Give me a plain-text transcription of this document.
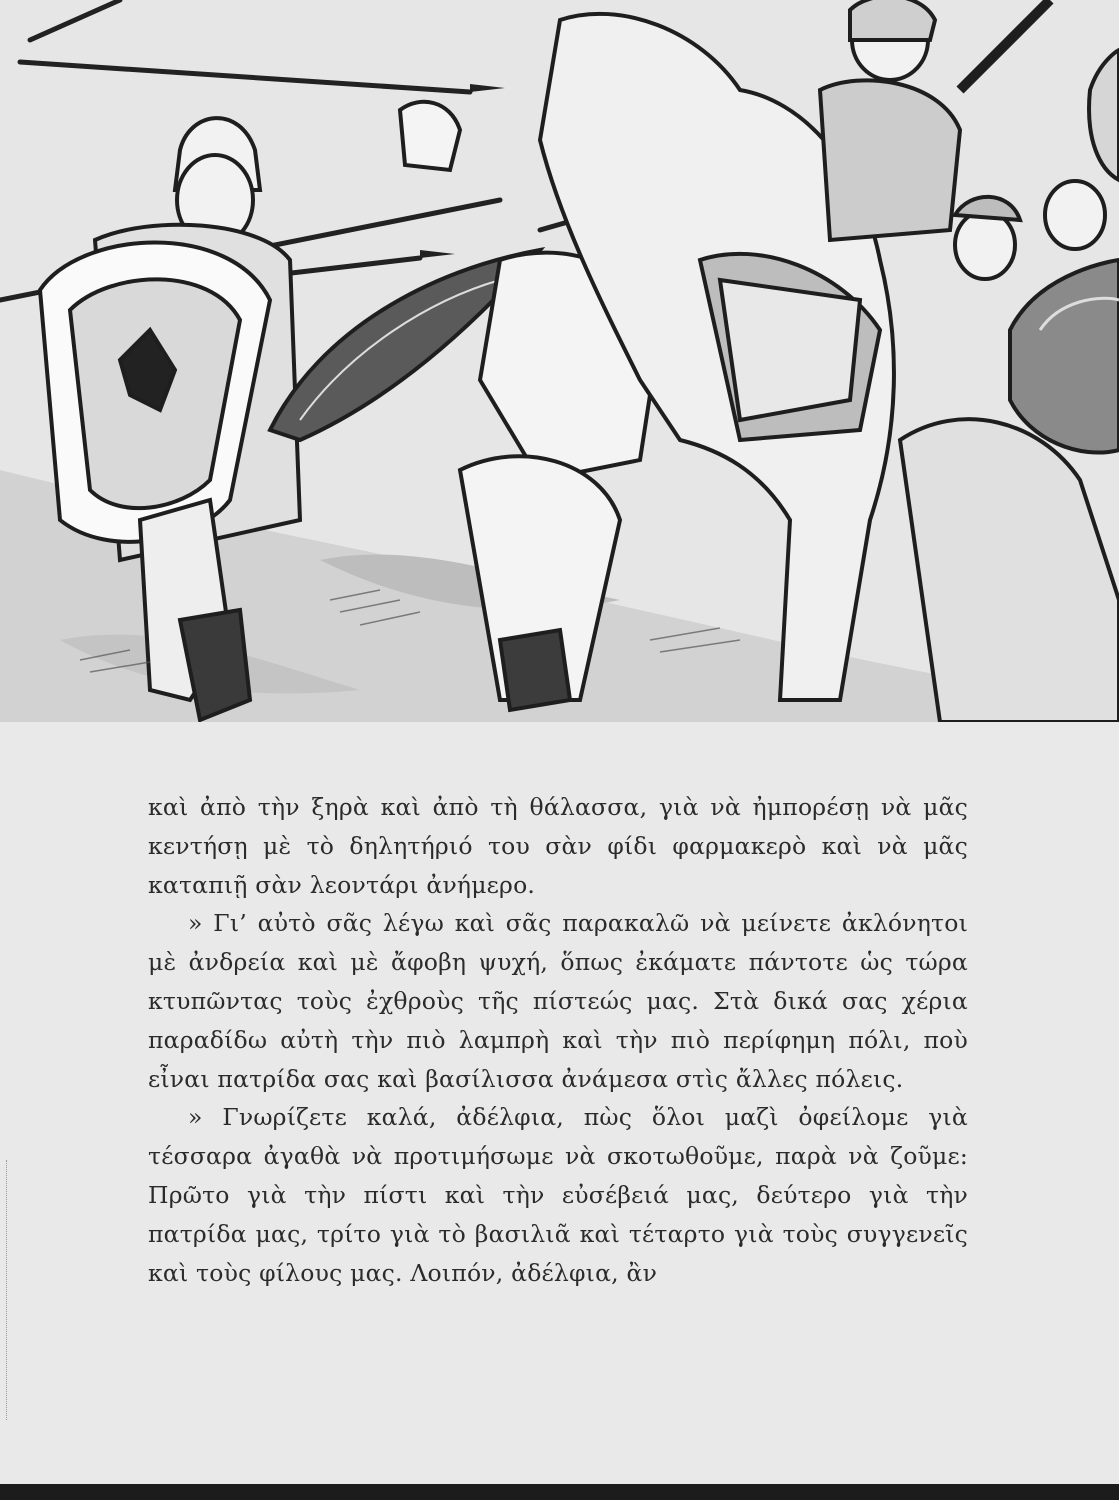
καὶ ἀπὸ τὴν ξηρὰ καὶ ἀπὸ τὴ θάλασσα, γιὰ νὰ ἠμπορέσῃ νὰ μᾶς κεντήσῃ μὲ τὸ δηλητήριό του σὰν φίδι φαρμακερὸ καὶ νὰ μᾶς καταπιῇ σὰν λεοντάρι ἀνήμερο.

» Γι’ αὐτὸ σᾶς λέγω καὶ σᾶς παρακαλῶ νὰ μείνετε ἀκλόνητοι μὲ ἀνδρεία καὶ μὲ ἄφοβη ψυχή, ὅπως ἐκάματε πάντοτε ὡς τώρα κτυπῶντας τοὺς ἐχθροὺς τῆς πίστεώς μας. Στὰ δικά σας χέρια παραδίδω αὐτὴ τὴν πιὸ λαμπρὴ καὶ τὴν πιὸ περίφημη πόλι, ποὺ εἶναι πατρίδα σας καὶ βασίλισσα ἀνάμεσα στὶς ἄλλες πόλεις.

» Γνωρίζετε καλά, ἀδέλφια, πὼς ὅλοι μαζὶ ὀφείλομε γιὰ τέσσαρα ἀγαθὰ νὰ προτιμήσωμε νὰ σκοτωθοῦμε, παρὰ νὰ ζοῦμε: Πρῶτο γιὰ τὴν πίστι καὶ τὴν εὐσέβειά μας, δεύτερο γιὰ τὴν πατρίδα μας, τρίτο γιὰ τὸ βασιλιᾶ καὶ τέταρτο γιὰ τοὺς συγγενεῖς καὶ τοὺς φίλους μας. Λοιπόν, ἀδέλφια, ἂν
